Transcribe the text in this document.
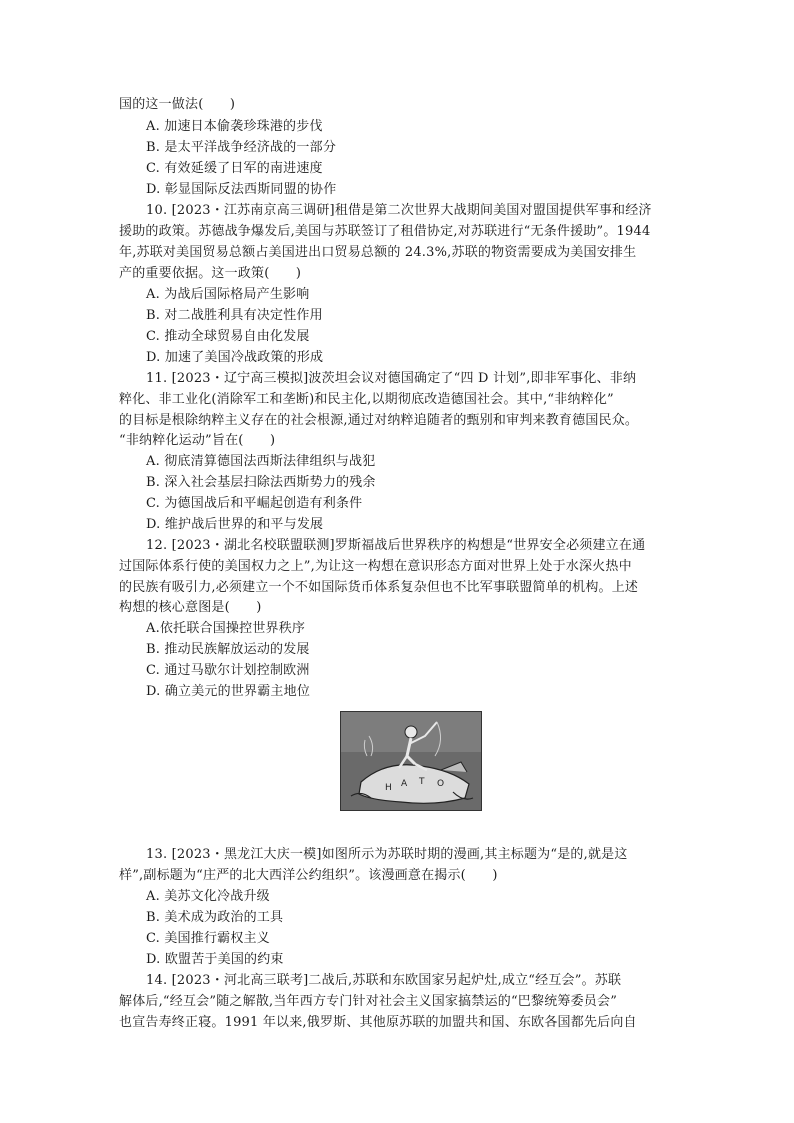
国的这一做法(　　)
A. 加速日本偷袭珍珠港的步伐
B. 是太平洋战争经济战的一部分
C. 有效延缓了日军的南进速度
D. 彰显国际反法西斯同盟的协作
10. [2023・江苏南京高三调研]租借是第二次世界大战期间美国对盟国提供军事和经济
援助的政策。苏德战争爆发后,美国与苏联签订了租借协定,对苏联进行“无条件援助”。1944
年,苏联对美国贸易总额占美国进出口贸易总额的 24.3%,苏联的物资需要成为美国安排生
产的重要依据。这一政策(　　)
A. 为战后国际格局产生影响
B. 对二战胜利具有决定性作用
C. 推动全球贸易自由化发展
D. 加速了美国冷战政策的形成
11. [2023・辽宁高三模拟]波茨坦会议对德国确定了“四 D 计划”,即非军事化、非纳
粹化、非工业化(消除军工和垄断)和民主化,以期彻底改造德国社会。其中,“非纳粹化”
的目标是根除纳粹主义存在的社会根源,通过对纳粹追随者的甄别和审判来教育德国民众。
“非纳粹化运动”旨在(　　)
A. 彻底清算德国法西斯法律组织与战犯
B. 深入社会基层扫除法西斯势力的残余
C. 为德国战后和平崛起创造有利条件
D. 维护战后世界的和平与发展
12. [2023・湖北名校联盟联测]罗斯福战后世界秩序的构想是“世界安全必须建立在通
过国际体系行使的美国权力之上”,为让这一构想在意识形态方面对世界上处于水深火热中
的民族有吸引力,必须建立一个不如国际货币体系复杂但也不比军事联盟简单的机构。上述
构想的核心意图是(　　)
A.依托联合国操控世界秩序
B. 推动民族解放运动的发展
C. 通过马歇尔计划控制欧洲
D. 确立美元的世界霸主地位
Н А Т О
13. [2023・黑龙江大庆一模]如图所示为苏联时期的漫画,其主标题为“是的,就是这
样”,副标题为“庄严的北大西洋公约组织”。该漫画意在揭示(　　)
A. 美苏文化冷战升级
B. 美术成为政治的工具
C. 美国推行霸权主义
D. 欧盟苦于美国的约束
14. [2023・河北高三联考]二战后,苏联和东欧国家另起炉灶,成立“经互会”。苏联
解体后,“经互会”随之解散,当年西方专门针对社会主义国家搞禁运的“巴黎统筹委员会”
也宣告寿终正寝。1991 年以来,俄罗斯、其他原苏联的加盟共和国、东欧各国都先后向自
